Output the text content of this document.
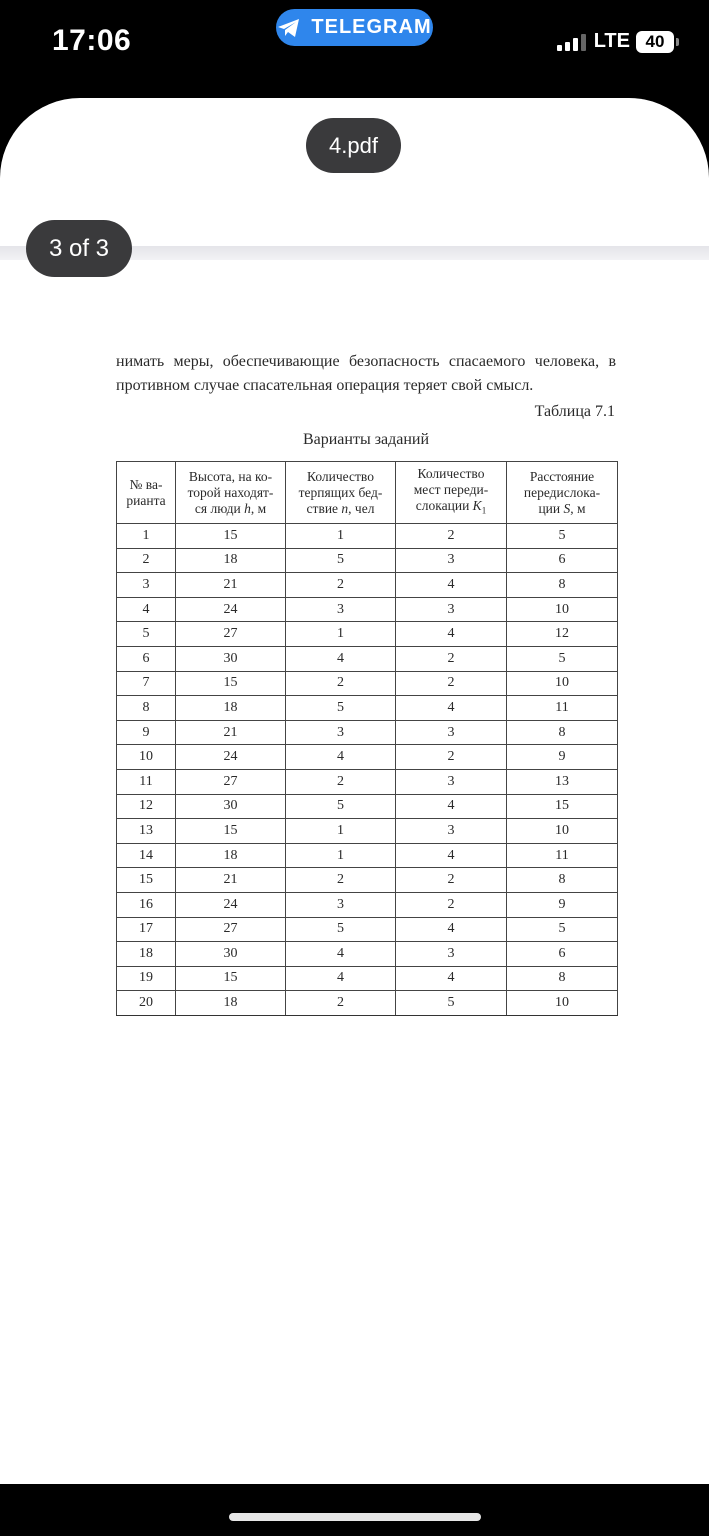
17:06	TELEGRAM
LTE 40
4.pdf
3 of 3
нимать меры, обеспечивающие безопасность спасаемого человека, в противном случае спасательная операция теряет свой смысл.
Таблица 7.1
Варианты заданий
№ ва-
рианта	Высота, на ко-
торой находят-
ся люди h, м	Количество
терпящих бед-
ствие n, чел	Количество
мест переди-
слокации $K_1$	Расстояние
передислока-
ции S, м
1	15	1	2	5
2	18	5	3	6
3	21	2	4	8
4	24	3	3	10
5	27	1	4	12
6	30	4	2	5
7	15	2	2	10
8	18	5	4	11
9	21	3	3	8
10	24	4	2	9
11	27	2	3	13
12	30	5	4	15
13	15	1	3	10
14	18	1	4	11
15	21	2	2	8
16	24	3	2	9
17	27	5	4	5
18	30	4	3	6
19	15	4	4	8
20	18	2	5	10
